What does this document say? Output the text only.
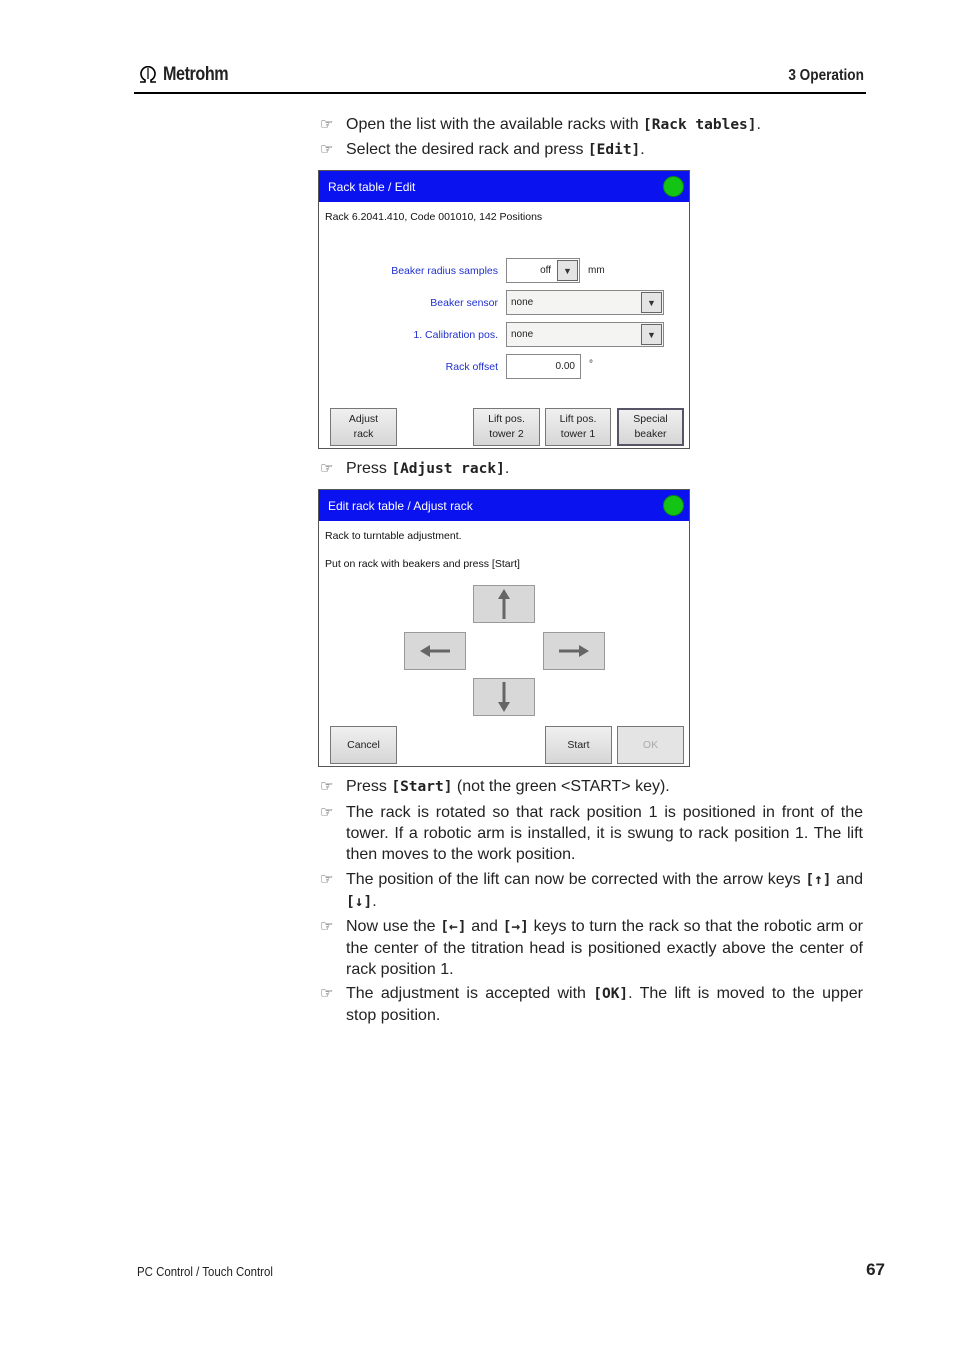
Metrohm	3 Operation
☞ Open the list with the available racks with [Rack tables].
☞ Select the desired rack and press [Edit].
Rack table / Edit
Rack 6.2041.410, Code 001010, 142 Positions
Beaker radius samples	off	▼	mm
Beaker sensor none	▼
1. Calibration pos. none	▼
Rack offset	0.00 °
Adjust
rack
Lift pos.
tower 2
Lift pos.
tower 1
Special
beaker
☞ Press [Adjust rack].
Edit rack table / Adjust rack
Rack to turntable adjustment.
Put on rack with beakers and press [Start]
Cancel	Start	OK
☞ Press [Start] (not the green <START> key).
☞ The rack is rotated so that rack position 1 is positioned in front of the tower. If a robotic arm is installed, it is swung to rack position 1. The lift then moves to the work position.
☞ The position of the lift can now be corrected with the arrow keys [↑] and [↓].
☞ Now use the [←] and [→] keys to turn the rack so that the robotic arm or the center of the titration head is positioned exactly above the center of rack position 1.
☞ The adjustment is accepted with [OK]. The lift is moved to the upper stop position.
PC Control / Touch Control	67
